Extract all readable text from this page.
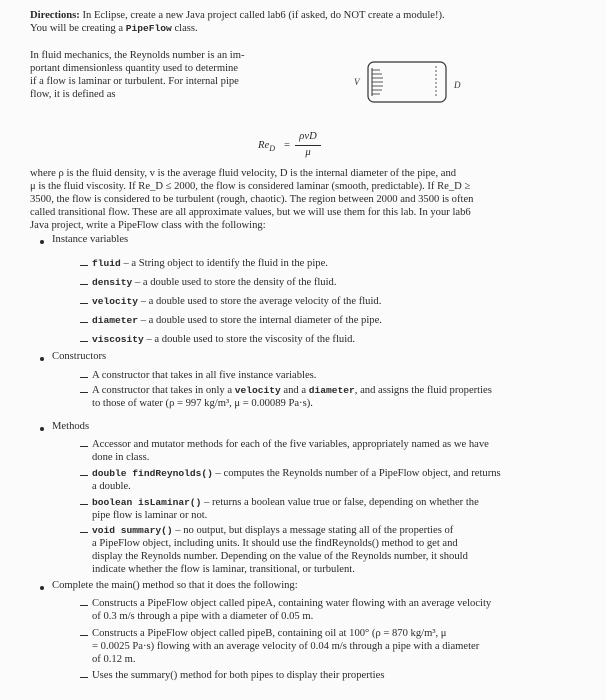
Directions: In Eclipse, create a new Java project called lab6 (if asked, do NOT create a module!).
You will be creating a PipeFlow class.
In fluid mechanics, the Reynolds number is an im-
portant dimensionless quantity used to determine
if a flow is laminar or turbulent. For internal pipe
flow, it is defined as
V	D
$Re_D$ =
ρvD
μ
where ρ is the fluid density, v is the average fluid velocity, D is the internal diameter of the pipe, and
μ is the fluid viscosity. If Re_D ≤ 2000, the flow is considered laminar (smooth, predictable). If Re_D ≥
3500, the flow is considered to be turbulent (rough, chaotic). The region between 2000 and 3500 is often
called transitional flow. These are all approximate values, but we will use them for this lab. In your lab6
Java project, write a PipeFlow class with the following:
Instance variables
fluid – a String object to identify the fluid in the pipe.
density – a double used to store the density of the fluid.
velocity – a double used to store the average velocity of the fluid.
diameter – a double used to store the internal diameter of the pipe.
viscosity – a double used to store the viscosity of the fluid.
Constructors
A constructor that takes in all five instance variables.
A constructor that takes in only a velocity and a diameter, and assigns the fluid properties
to those of water (ρ = 997 kg/m³, μ = 0.00089 Pa·s).
Methods
Accessor and mutator methods for each of the five variables, appropriately named as we have
done in class.
double findReynolds() – computes the Reynolds number of a PipeFlow object, and returns
a double.
boolean isLaminar() – returns a boolean value true or false, depending on whether the
pipe flow is laminar or not.
void summary() – no output, but displays a message stating all of the properties of
a PipeFlow object, including units. It should use the findReynolds() method to get and
display the Reynolds number. Depending on the value of the Reynolds number, it should
indicate whether the flow is laminar, transitional, or turbulent.
Complete the main() method so that it does the following:
Constructs a PipeFlow object called pipeA, containing water flowing with an average velocity
of 0.3 m/s through a pipe with a diameter of 0.05 m.
Constructs a PipeFlow object called pipeB, containing oil at 100° (ρ = 870 kg/m³, μ
= 0.0025 Pa·s) flowing with an average velocity of 0.04 m/s through a pipe with a diameter
of 0.12 m.
Uses the summary() method for both pipes to display their properties
